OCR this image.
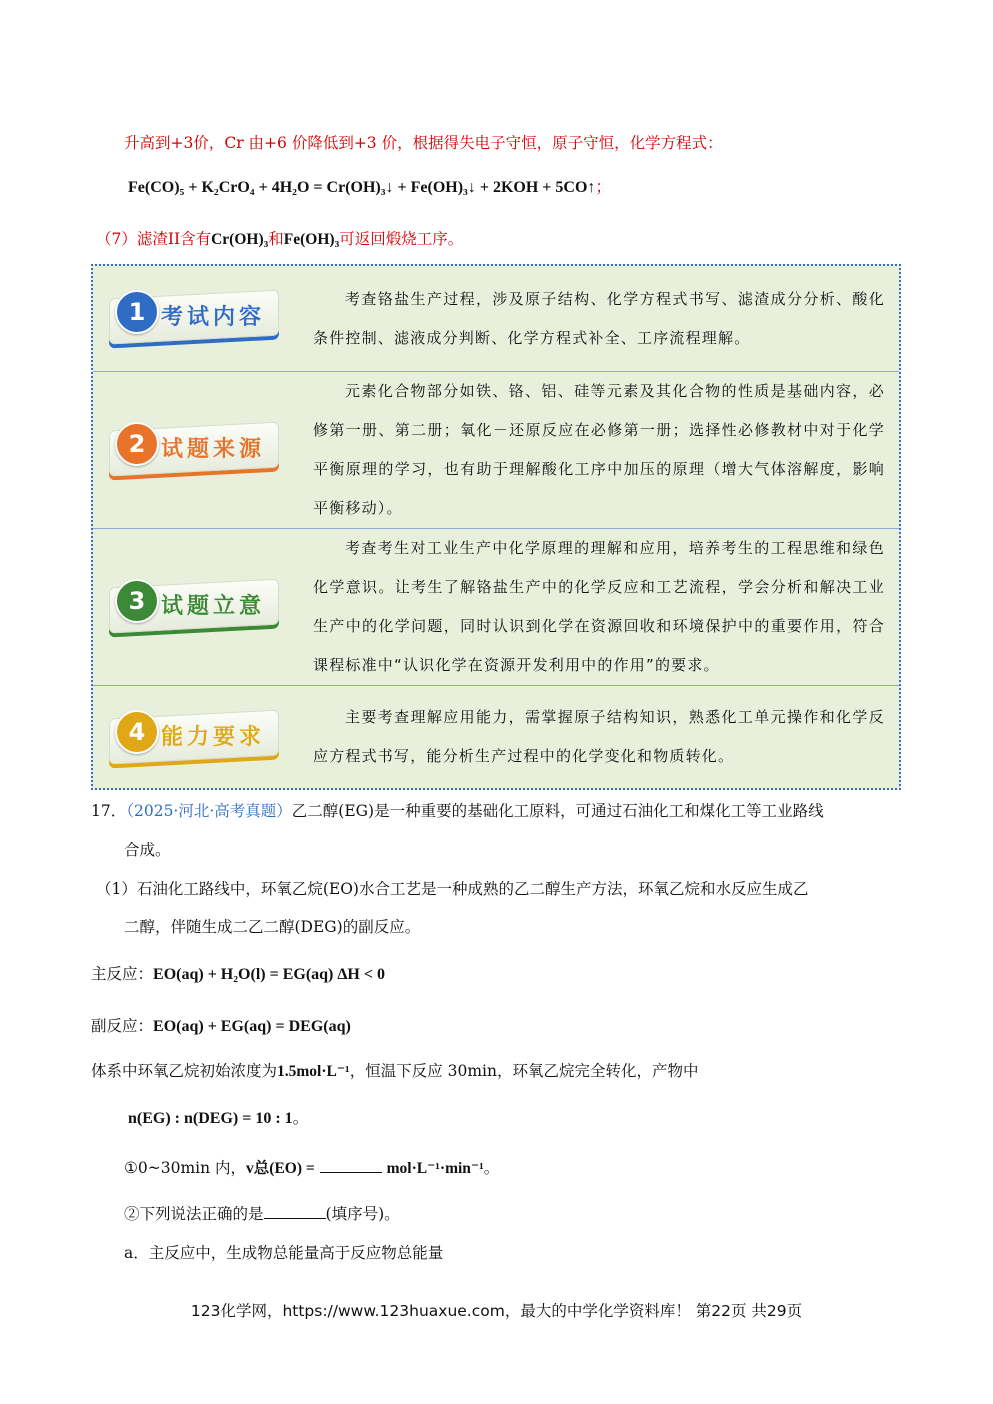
升高到+3价，Cr 由+6 价降低到+3 价，根据得失电子守恒，原子守恒，化学方程式：
Fe(CO)₅ + K₂CrO₄ + 4H₂O = Cr(OH)₃↓ + Fe(OH)₃↓ + 2KOH + 5CO↑；
（7）滤渣II含有Cr(OH)₃和Fe(OH)₃可返回煅烧工序。
1 考试内容
考查铬盐生产过程，涉及原子结构、化学方程式书写、滤渣成分分析、酸化条件控制、滤液成分判断、化学方程式补全、工序流程理解。
2 试题来源
元素化合物部分如铁、铬、铝、硅等元素及其化合物的性质是基础内容，必修第一册、第二册；氧化－还原反应在必修第一册；选择性必修教材中对于化学平衡原理的学习，也有助于理解酸化工序中加压的原理（增大气体溶解度，影响平衡移动）。
3 试题立意
考查考生对工业生产中化学原理的理解和应用，培养考生的工程思维和绿色化学意识。让考生了解铬盐生产中的化学反应和工艺流程，学会分析和解决工业生产中的化学问题，同时认识到化学在资源回收和环境保护中的重要作用，符合课程标准中“认识化学在资源开发利用中的作用”的要求。
4 能力要求
主要考查理解应用能力，需掌握原子结构知识，熟悉化工单元操作和化学反应方程式书写，能分析生产过程中的化学变化和物质转化。
17．（2025·河北·高考真题）乙二醇(EG)是一种重要的基础化工原料，可通过石油化工和煤化工等工业路线
合成。
（1）石油化工路线中，环氧乙烷(EO)水合工艺是一种成熟的乙二醇生产方法，环氧乙烷和水反应生成乙
二醇，伴随生成二乙二醇(DEG)的副反应。
主反应：EO(aq) + H₂O(l) = EG(aq) ΔH < 0
副反应：EO(aq) + EG(aq) = DEG(aq)
体系中环氧乙烷初始浓度为1.5mol·L⁻¹，恒温下反应 30min，环氧乙烷完全转化，产物中
n(EG) : n(DEG) = 10 : 1。
①0~30min 内，v总(EO) =	mol·L⁻¹·min⁻¹。
②下列说法正确的是	(填序号)。
a．主反应中，生成物总能量高于反应物总能量
123化学网，https://www.123huaxue.com，最大的中学化学资料库！ 第22页 共29页
